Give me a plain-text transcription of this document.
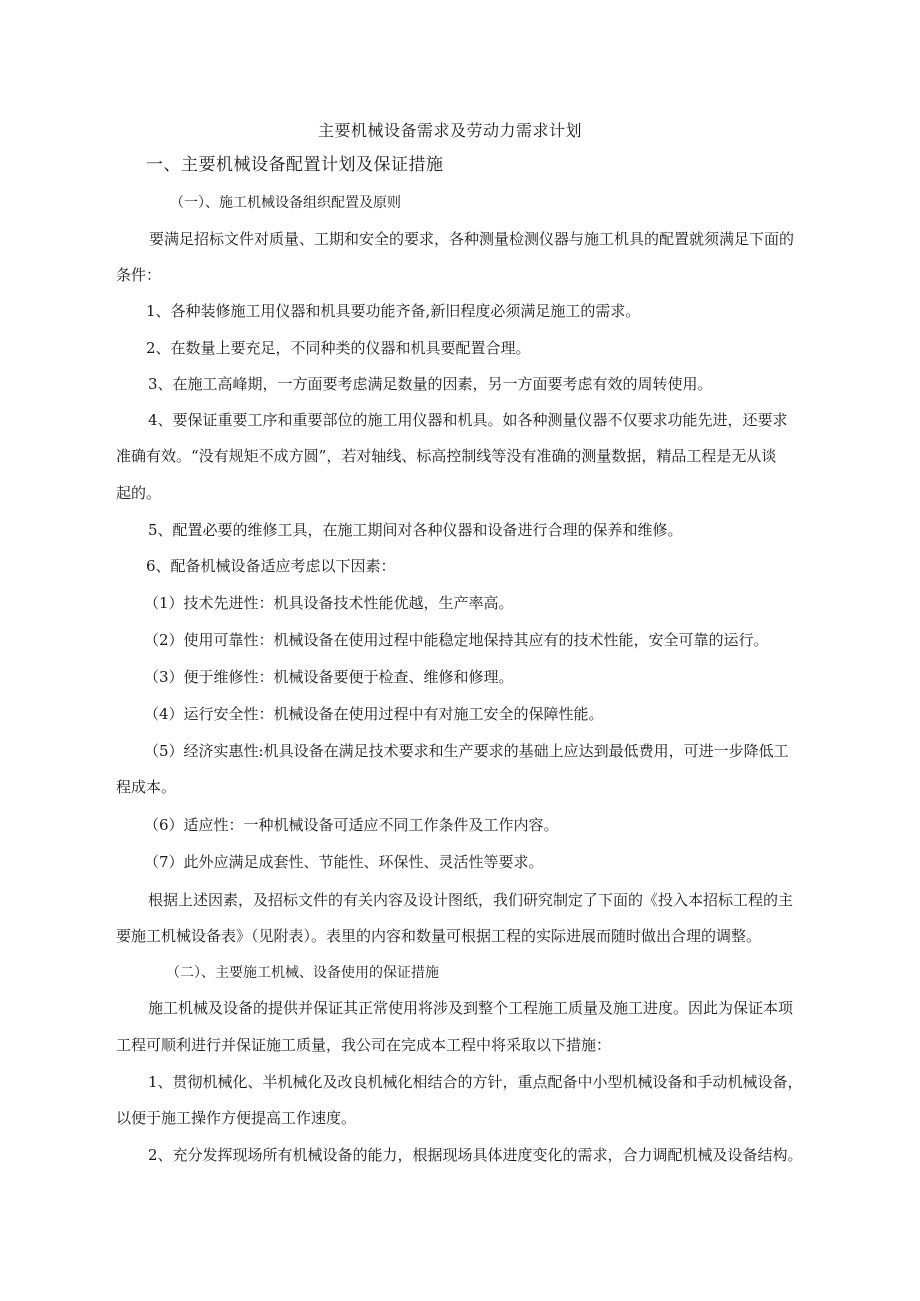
主要机械设备需求及劳动力需求计划
一、主要机械设备配置计划及保证措施
（一）、施工机械设备组织配置及原则
要满足招标文件对质量、工期和安全的要求，各种测量检测仪器与施工机具的配置就须满足下面的
条件：
1、各种装修施工用仪器和机具要功能齐备,新旧程度必须满足施工的需求。
2、在数量上要充足，不同种类的仪器和机具要配置合理。
3、在施工高峰期，一方面要考虑满足数量的因素，另一方面要考虑有效的周转使用。
4、要保证重要工序和重要部位的施工用仪器和机具。如各种测量仪器不仅要求功能先进，还要求
准确有效。“没有规矩不成方圆”，若对轴线、标高控制线等没有准确的测量数据，精品工程是无从谈
起的。
5、配置必要的维修工具，在施工期间对各种仪器和设备进行合理的保养和维修。
6、配备机械设备适应考虑以下因素：
（1）技术先进性：机具设备技术性能优越，生产率高。
（2）使用可靠性：机械设备在使用过程中能稳定地保持其应有的技术性能，安全可靠的运行。
（3）便于维修性：机械设备要便于检查、维修和修理。
（4）运行安全性：机械设备在使用过程中有对施工安全的保障性能。
（5）经济实惠性:机具设备在满足技术要求和生产要求的基础上应达到最低费用，可进一步降低工
程成本。
（6）适应性：一种机械设备可适应不同工作条件及工作内容。
（7）此外应满足成套性、节能性、环保性、灵活性等要求。
根据上述因素，及招标文件的有关内容及设计图纸，我们研究制定了下面的《投入本招标工程的主
要施工机械设备表》（见附表）。表里的内容和数量可根据工程的实际进展而随时做出合理的调整。
（二）、主要施工机械、设备使用的保证措施
施工机械及设备的提供并保证其正常使用将涉及到整个工程施工质量及施工进度。因此为保证本项
工程可顺利进行并保证施工质量，我公司在完成本工程中将采取以下措施：
1、贯彻机械化、半机械化及改良机械化相结合的方针，重点配备中小型机械设备和手动机械设备，
以便于施工操作方便提高工作速度。
2、充分发挥现场所有机械设备的能力，根据现场具体进度变化的需求，合力调配机械及设备结构。
